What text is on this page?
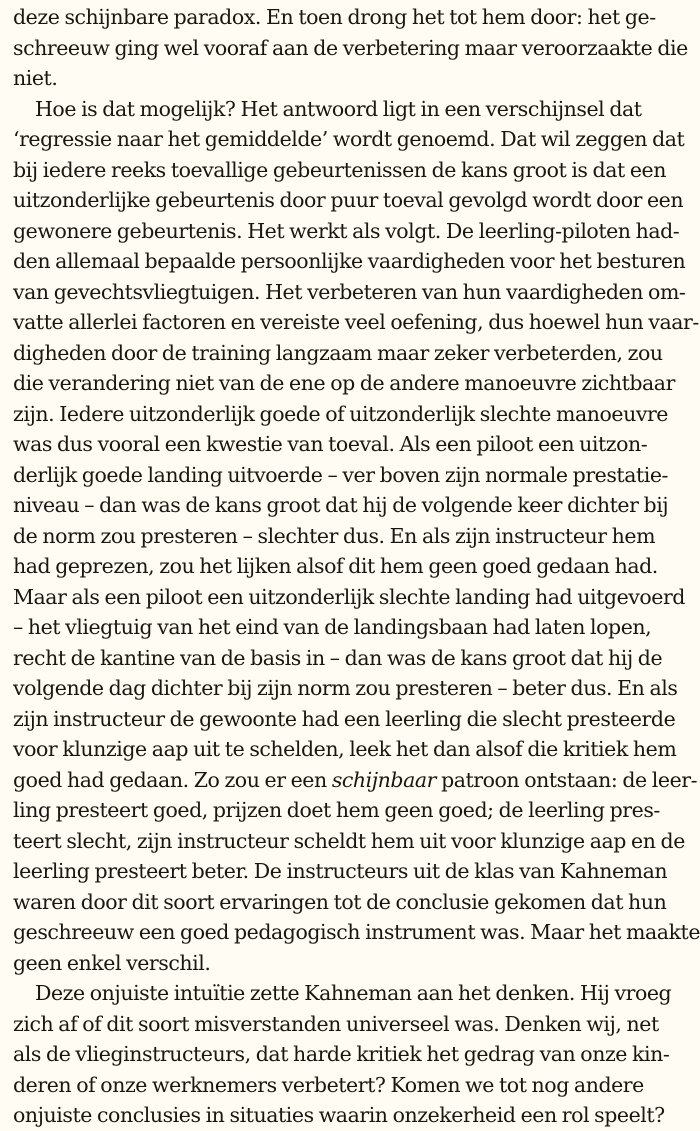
deze schijnbare paradox. En toen drong het tot hem door: het ge-
schreeuw ging wel vooraf aan de verbetering maar veroorzaakte die
niet.
Hoe is dat mogelijk? Het antwoord ligt in een verschijnsel dat
‘regressie naar het gemiddelde’ wordt genoemd. Dat wil zeggen dat
bij iedere reeks toevallige gebeurtenissen de kans groot is dat een
uitzonderlijke gebeurtenis door puur toeval gevolgd wordt door een
gewonere gebeurtenis. Het werkt als volgt. De leerling-piloten had-
den allemaal bepaalde persoonlijke vaardigheden voor het besturen
van gevechtsvliegtuigen. Het verbeteren van hun vaardigheden om-
vatte allerlei factoren en vereiste veel oefening, dus hoewel hun vaar-
digheden door de training langzaam maar zeker verbeterden, zou
die verandering niet van de ene op de andere manoeuvre zichtbaar
zijn. Iedere uitzonderlijk goede of uitzonderlijk slechte manoeuvre
was dus vooral een kwestie van toeval. Als een piloot een uitzon-
derlijk goede landing uitvoerde – ver boven zijn normale prestatie-
niveau – dan was de kans groot dat hij de volgende keer dichter bij
de norm zou presteren – slechter dus. En als zijn instructeur hem
had geprezen, zou het lijken alsof dit hem geen goed gedaan had.
Maar als een piloot een uitzonderlijk slechte landing had uitgevoerd
– het vliegtuig van het eind van de landingsbaan had laten lopen,
recht de kantine van de basis in – dan was de kans groot dat hij de
volgende dag dichter bij zijn norm zou presteren – beter dus. En als
zijn instructeur de gewoonte had een leerling die slecht presteerde
voor klunzige aap uit te schelden, leek het dan alsof die kritiek hem
goed had gedaan. Zo zou er een schijnbaar patroon ontstaan: de leer-
ling presteert goed, prijzen doet hem geen goed; de leerling pres-
teert slecht, zijn instructeur scheldt hem uit voor klunzige aap en de
leerling presteert beter. De instructeurs uit de klas van Kahneman
waren door dit soort ervaringen tot de conclusie gekomen dat hun
geschreeuw een goed pedagogisch instrument was. Maar het maakte
geen enkel verschil.
Deze onjuiste intuïtie zette Kahneman aan het denken. Hij vroeg
zich af of dit soort misverstanden universeel was. Denken wij, net
als de vlieginstructeurs, dat harde kritiek het gedrag van onze kin-
deren of onze werknemers verbetert? Komen we tot nog andere
onjuiste conclusies in situaties waarin onzekerheid een rol speelt?
